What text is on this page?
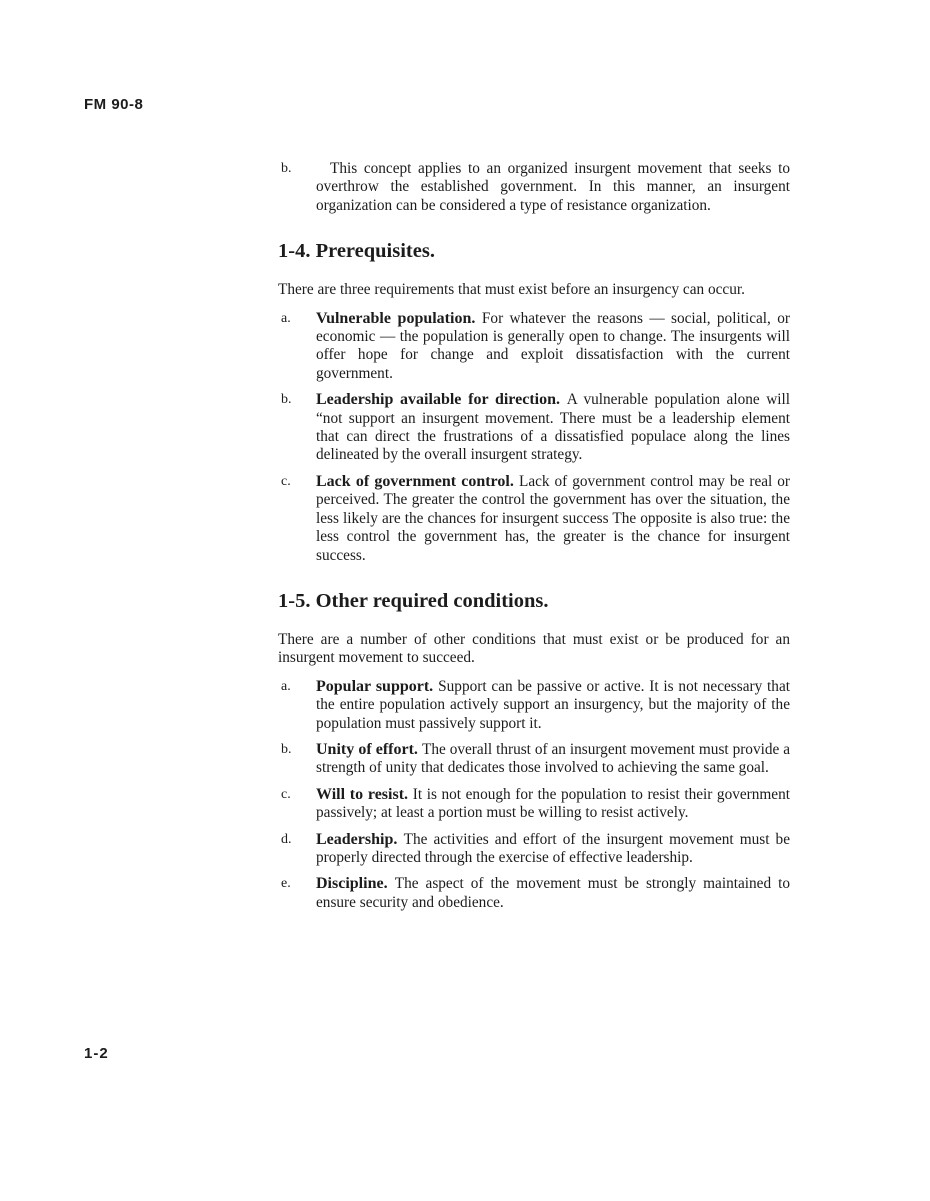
FM 90-8
b.	This concept applies to an organized insurgent movement that seeks to overthrow the established government. In this manner, an insurgent organization can be considered a type of resistance organization.
1-4. Prerequisites.
There are three requirements that must exist before an insurgency can occur.
a. Vulnerable population. For whatever the reasons — social, political, or economic — the population is generally open to change. The insurgents will offer hope for change and exploit dissatisfaction with the current government.
b. Leadership available for direction. A vulnerable population alone will “not support an insurgent movement. There must be a leadership element that can direct the frustrations of a dissatisfied populace along the lines delineated by the overall insurgent strategy.
c. Lack of government control. Lack of government control may be real or perceived. The greater the control the government has over the situation, the less likely are the chances for insurgent success The opposite is also true: the less control the government has, the greater is the chance for insurgent success.
1-5. Other required conditions.
There are a number of other conditions that must exist or be produced for an insurgent movement to succeed.
a. Popular support. Support can be passive or active. It is not necessary that the entire population actively support an insurgency, but the majority of the population must passively support it.
b. Unity of effort. The overall thrust of an insurgent movement must provide a strength of unity that dedicates those involved to achieving the same goal.
c. Will to resist. It is not enough for the population to resist their government passively; at least a portion must be willing to resist actively.
d. Leadership. The activities and effort of the insurgent movement must be properly directed through the exercise of effective leadership.
e. Discipline. The aspect of the movement must be strongly maintained to ensure security and obedience.
1-2
